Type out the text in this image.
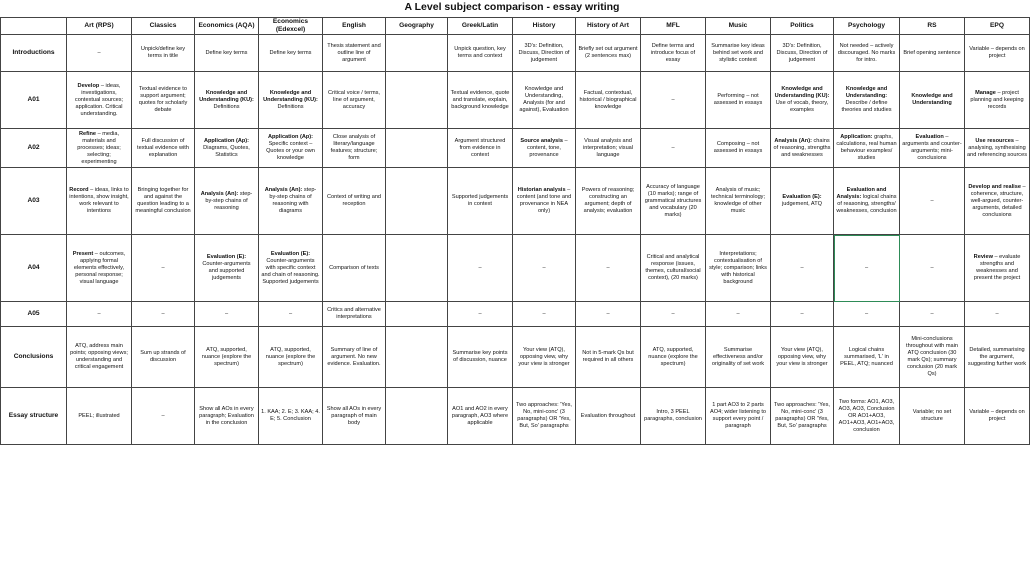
A Level subject comparison - essay writing
	Art (RPS)	Classics	Economics (AQA)	Economics (Edexcel)	English	Geography	Greek/Latin	History	History of Art	MFL	Music	Politics	Psychology	RS	EPQ
Introductions	–	Unpick/define key terms in title	Define key terms	Define key terms	Thesis statement and outline line of argument		Unpick question, key terms and context	3D's: Definition, Discuss, Direction of judgement	Briefly set out argument (2 sentences max)	Define terms and introduce focus of essay	Summarise key ideas behind set work and stylistic context	3D's: Definition, Discuss, Direction of judgement	Not needed – actively discouraged. No marks for intro.	Brief opening sentence	Variable – depends on project
A01	Develop – ideas, investigations, contextual sources; application. Critical understanding.	Textual evidence to support argument; quotes for scholarly debate	Knowledge and Understanding (KU): Definitions	Knowledge and Understanding (KU): Definitions	Critical voice / terms, line of argument, accuracy		Textual evidence, quote and translate, explain, background knowledge	Knowledge and Understanding, Analysis (for and against), Evaluation	Factual, contextual, historical / biographical knowledge	–	Performing – not assessed in essays	Knowledge and Understanding (KU): Use of vocab, theory, examples	Knowledge and Understanding: Describe / define theories and studies	Knowledge and Understanding	Manage – project planning and keeping records
A02	Refine – media, materials and processes; ideas; selecting; experimenting	Full discussion of textual evidence with explanation	Application (Ap): Diagrams, Quotes, Statistics	Application (Ap): Specific context – Quotes or your own knowledge	Close analysis of literary/language features; structure; form		Argument structured from evidence in context	Source analysis – content, tone, provenance	Visual analysis and interpretation; visual language	–	Composing – not assessed in essays	Analysis (An): chains of reasoning, strengths and weaknesses	Application: graphs, calculations, real human behaviour examples/ studies	Evaluation – arguments and counter-arguments; mini-conclusions	Use resources – analysing, synthesising and referencing sources
A03	Record – ideas, links to intentions, show insight, work relevant to intentions	Bringing together for and against the question leading to a meaningful conclusion	Analysis (An): step-by-step chains of reasoning	Analysis (An): step-by-step chains of reasoning with diagrams	Context of writing and reception		Supported judgements in context	Historian analysis – content (and tone and provenance in NEA only)	Powers of reasoning; constructing an argument; depth of analysis; evaluation	Accuracy of language (10 marks); range of grammatical structures and vocabulary (20 marks)	Analysis of music; technical terminology; knowledge of other music	Evaluation (E): judgement, ATQ	Evaluation and Analysis: logical chains of reasoning, strengths/ weaknesses, conclusion	–	Develop and realise – coherence, structure, well-argued, counter-arguments, detailed conclusions
A04	Present – outcomes, applying formal elements effectively, personal response; visual language	–	Evaluation (E): Counter-arguments and supported judgements	Evaluation (E): Counter-arguments with specific context and chain of reasoning. Supported judgements	Comparison of texts		–	–	–	Critical and analytical response (issues, themes, cultural/social context), (20 marks)	Interpretations; contextualisation of style; comparison; links with historical background	–	–	–	Review – evaluate strengths and weaknesses and present the project
A05	–	–	–	–	Critics and alternative interpretations		–	–	–	–	–	–	–	–	–
Conclusions	ATQ, address main points; opposing views; understanding and critical engagement	Sum up strands of discussion	ATQ, supported, nuance (explore the spectrum)	ATQ, supported, nuance (explore the spectrum)	Summary of line of argument. No new evidence. Evaluation.		Summarise key points of discussion, nuance	Your view (ATQ), opposing view, why your view is stronger	Not in 5-mark Qs but required in all others	ATQ, supported, nuance (explore the spectrum)	Summarise effectiveness and/or originality of set work	Your view (ATQ), opposing view, why your view is stronger	Logical chains summarised, 'L' in PEEL, ATQ; nuanced	Mini-conclusions throughout with main ATQ conclusion (30 mark Qs); summary conclusion (20 mark Qs)	Detailed, summarising the argument, suggesting further work
Essay structure	PEEL; illustrated	–	Show all AOs in every paragraph; Evaluation in the conclusion	1. KAA; 2. E; 3. KAA; 4. E; 5. Conclusion	Show all AOs in every paragraph of main body		AO1 and AO2 in every paragraph, AO3 where applicable	Two approaches: 'Yes, No, mini-conc' (3 paragraphs) OR 'Yes, But, So' paragraphs	Evaluation throughout	Intro, 3 PEEL paragraphs, conclusion	1 part AO3 to 2 parts AO4; wider listening to support every point / paragraph	Two approaches: 'Yes, No, mini-conc' (3 paragraphs) OR 'Yes, But, So' paragraphs	Two forms: AO1, AO3, AO3, AO3, Conclusion OR AO1+AO3, AO1+AO3, AO1+AO3, conclusion	Variable; no set structure	Variable – depends on project
